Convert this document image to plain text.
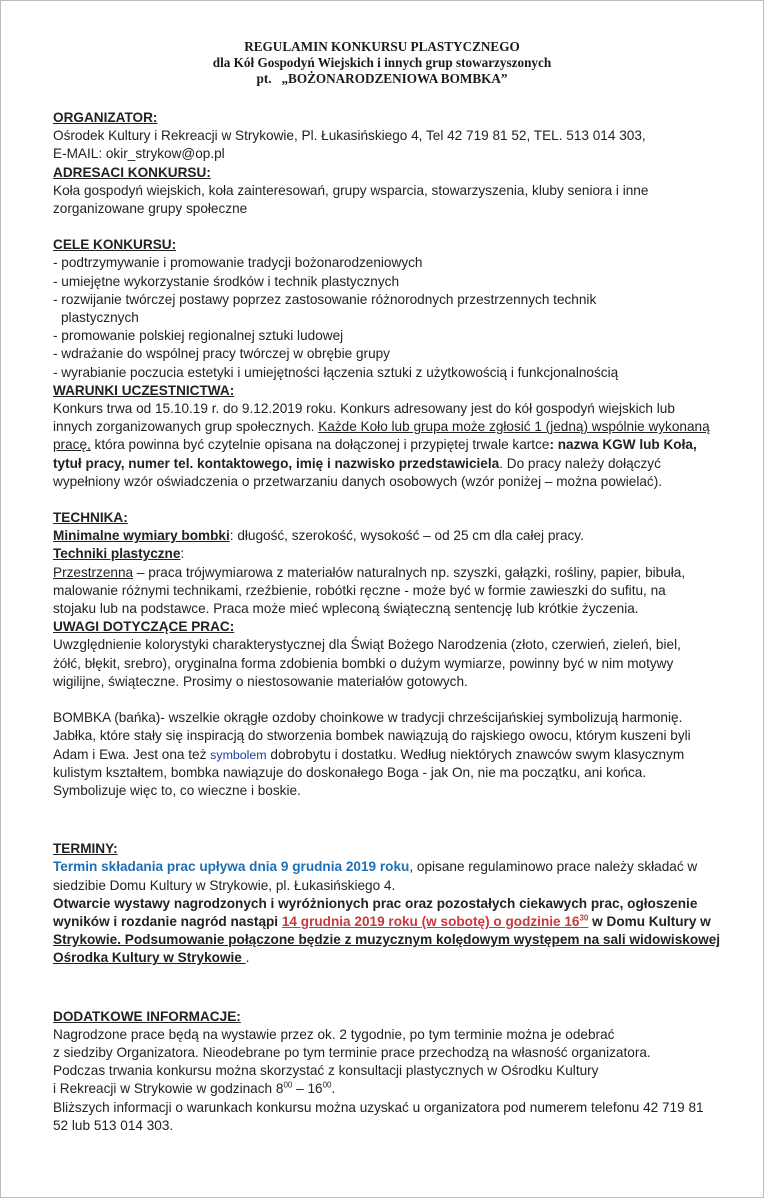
REGULAMIN KONKURSU PLASTYCZNEGO
dla Kół Gospodyń Wiejskich i innych grup stowarzyszonych
pt. „BOŻONARODZENIOWA BOMBKA”

ORGANIZATOR:

Ośrodek Kultury i Rekreacji w Strykowie, Pl. Łukasińskiego 4, Tel 42 719 81 52, TEL. 513 014 303,

E-MAIL: okir_strykow@op.pl

ADRESACI KONKURSU:

Koła gospodyń wiejskich, koła zainteresowań, grupy wsparcia, stowarzyszenia, kluby seniora i inne

zorganizowane grupy społeczne

CELE KONKURSU:

- podtrzymywanie i promowanie tradycji bożonarodzeniowych

- umiejętne wykorzystanie środków i technik plastycznych

- rozwijanie twórczej postawy poprzez zastosowanie różnorodnych przestrzennych technik

plastycznych

- promowanie polskiej regionalnej sztuki ludowej

- wdrażanie do wspólnej pracy twórczej w obrębie grupy

- wyrabianie poczucia estetyki i umiejętności łączenia sztuki z użytkowością i funkcjonalnością

WARUNKI UCZESTNICTWA:

Konkurs trwa od 15.10.19 r. do 9.12.2019 roku. Konkurs adresowany jest do kół gospodyń wiejskich lub

innych zorganizowanych grup społecznych. Każde Koło lub grupa może zgłosić 1 (jedną) wspólnie wykonaną

pracę, która powinna być czytelnie opisana na dołączonej i przypiętej trwale kartce: nazwa KGW lub Koła,

tytuł pracy, numer tel. kontaktowego, imię i nazwisko przedstawiciela. Do pracy należy dołączyć

wypełniony wzór oświadczenia o przetwarzaniu danych osobowych (wzór poniżej – można powielać).

TECHNIKA:

Minimalne wymiary bombki: długość, szerokość, wysokość – od 25 cm dla całej pracy.

Techniki plastyczne:

Przestrzenna – praca trójwymiarowa z materiałów naturalnych np. szyszki, gałązki, rośliny, papier, bibuła,

malowanie różnymi technikami, rzeźbienie, robótki ręczne - może być w formie zawieszki do sufitu, na

stojaku lub na podstawce. Praca może mieć wpleconą świąteczną sentencję lub krótkie życzenia.

UWAGI DOTYCZĄCE PRAC:

Uwzględnienie kolorystyki charakterystycznej dla Świąt Bożego Narodzenia (złoto, czerwień, zieleń, biel,

żółć, błękit, srebro), oryginalna forma zdobienia bombki o dużym wymiarze, powinny być w nim motywy

wigilijne, świąteczne. Prosimy o niestosowanie materiałów gotowych.

BOMBKA (bańka)- wszelkie okrągłe ozdoby choinkowe w tradycji chrześcijańskiej symbolizują harmonię.

Jabłka, które stały się inspiracją do stworzenia bombek nawiązują do rajskiego owocu, którym kuszeni byli

Adam i Ewa. Jest ona też symbolem dobrobytu i dostatku. Według niektórych znawców swym klasycznym

kulistym kształtem, bombka nawiązuje do doskonałego Boga - jak On, nie ma początku, ani końca.

Symbolizuje więc to, co wieczne i boskie.

TERMINY:

Termin składania prac upływa dnia 9 grudnia 2019 roku, opisane regulaminowo prace należy składać w

siedzibie Domu Kultury w Strykowie, pl. Łukasińskiego 4.

Otwarcie wystawy nagrodzonych i wyróżnionych prac oraz pozostałych ciekawych prac, ogłoszenie

wyników i rozdanie nagród nastąpi 14 grudnia 2019 roku (w sobotę) o godzinie $16^{30}$ w Domu Kultury w

Strykowie. Podsumowanie połączone będzie z muzycznym kolędowym występem na sali widowiskowej

Ośrodka Kultury w Strykowie .

DODATKOWE INFORMACJE:

Nagrodzone prace będą na wystawie przez ok. 2 tygodnie, po tym terminie można je odebrać

z siedziby Organizatora. Nieodebrane po tym terminie prace przechodzą na własność organizatora.

Podczas trwania konkursu można skorzystać z konsultacji plastycznych w Ośrodku Kultury

i Rekreacji w Strykowie w godzinach $8^{00} - 16^{00}$.

Bliższych informacji o warunkach konkursu można uzyskać u organizatora pod numerem telefonu 42 719 81

52 lub 513 014 303.
